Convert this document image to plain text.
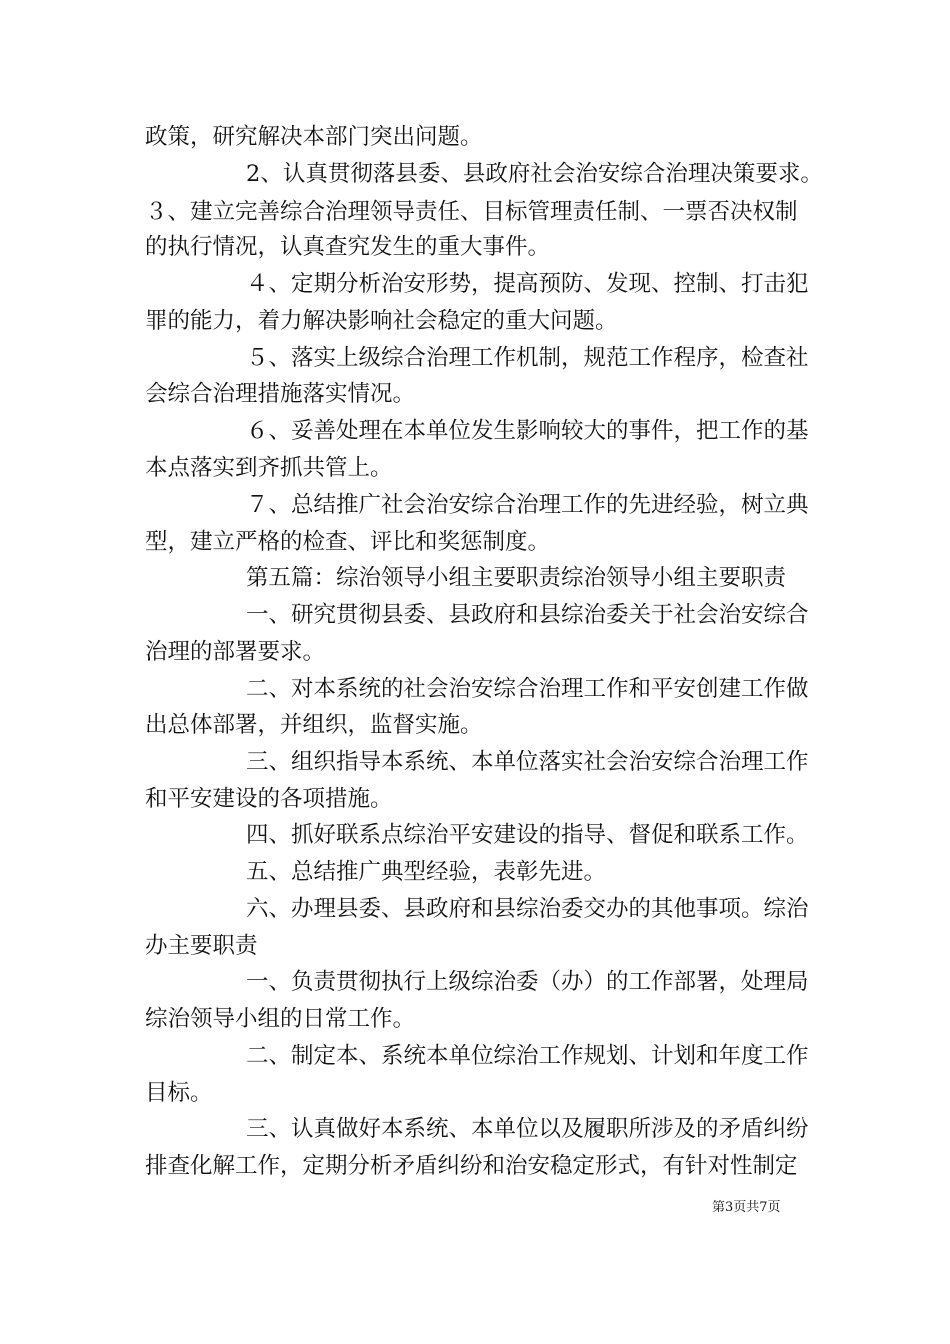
政策，研究解决本部门突出问题。
2、认真贯彻落县委、县政府社会治安综合治理决策要求。
３、建立完善综合治理领导责任、目标管理责任制、一票否决权制
的执行情况，认真查究发生的重大事件。
４、定期分析治安形势，提高预防、发现、控制、打击犯
罪的能力，着力解决影响社会稳定的重大问题。
５、落实上级综合治理工作机制，规范工作程序，检查社
会综合治理措施落实情况。
６、妥善处理在本单位发生影响较大的事件，把工作的基
本点落实到齐抓共管上。
７、总结推广社会治安综合治理工作的先进经验，树立典
型，建立严格的检查、评比和奖惩制度。
第五篇：综治领导小组主要职责综治领导小组主要职责
一、研究贯彻县委、县政府和县综治委关于社会治安综合
治理的部署要求。
二、对本系统的社会治安综合治理工作和平安创建工作做
出总体部署，并组织，监督实施。
三、组织指导本系统、本单位落实社会治安综合治理工作
和平安建设的各项措施。
四、抓好联系点综治平安建设的指导、督促和联系工作。
五、总结推广典型经验，表彰先进。
六、办理县委、县政府和县综治委交办的其他事项。综治
办主要职责
一、负责贯彻执行上级综治委（办）的工作部署，处理局
综治领导小组的日常工作。
二、制定本、系统本单位综治工作规划、计划和年度工作
目标。
三、认真做好本系统、本单位以及履职所涉及的矛盾纠纷
排查化解工作，定期分析矛盾纠纷和治安稳定形式，有针对性制定
第3页共7页
